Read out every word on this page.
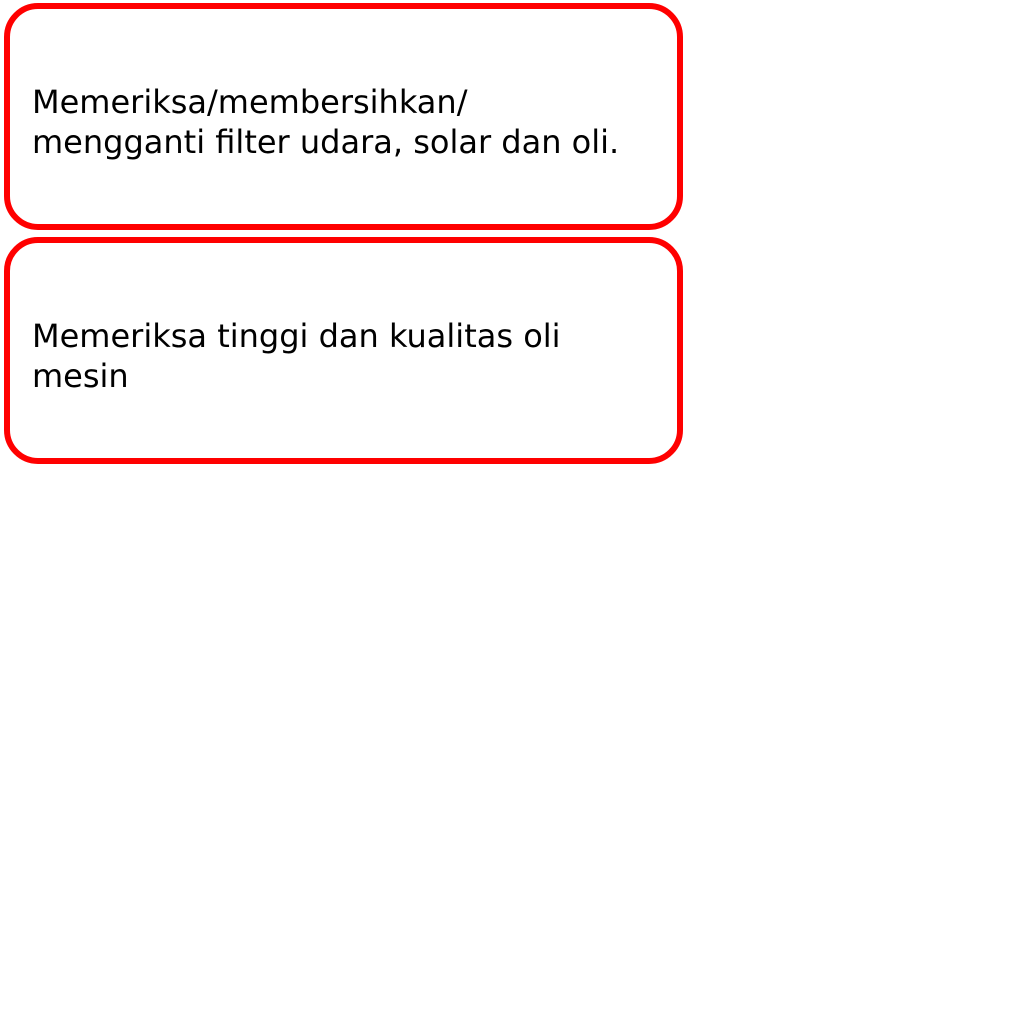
Memeriksa/membersihkan/
mengganti filter udara, solar dan oli.

Memeriksa tinggi dan kualitas oli
mesin
